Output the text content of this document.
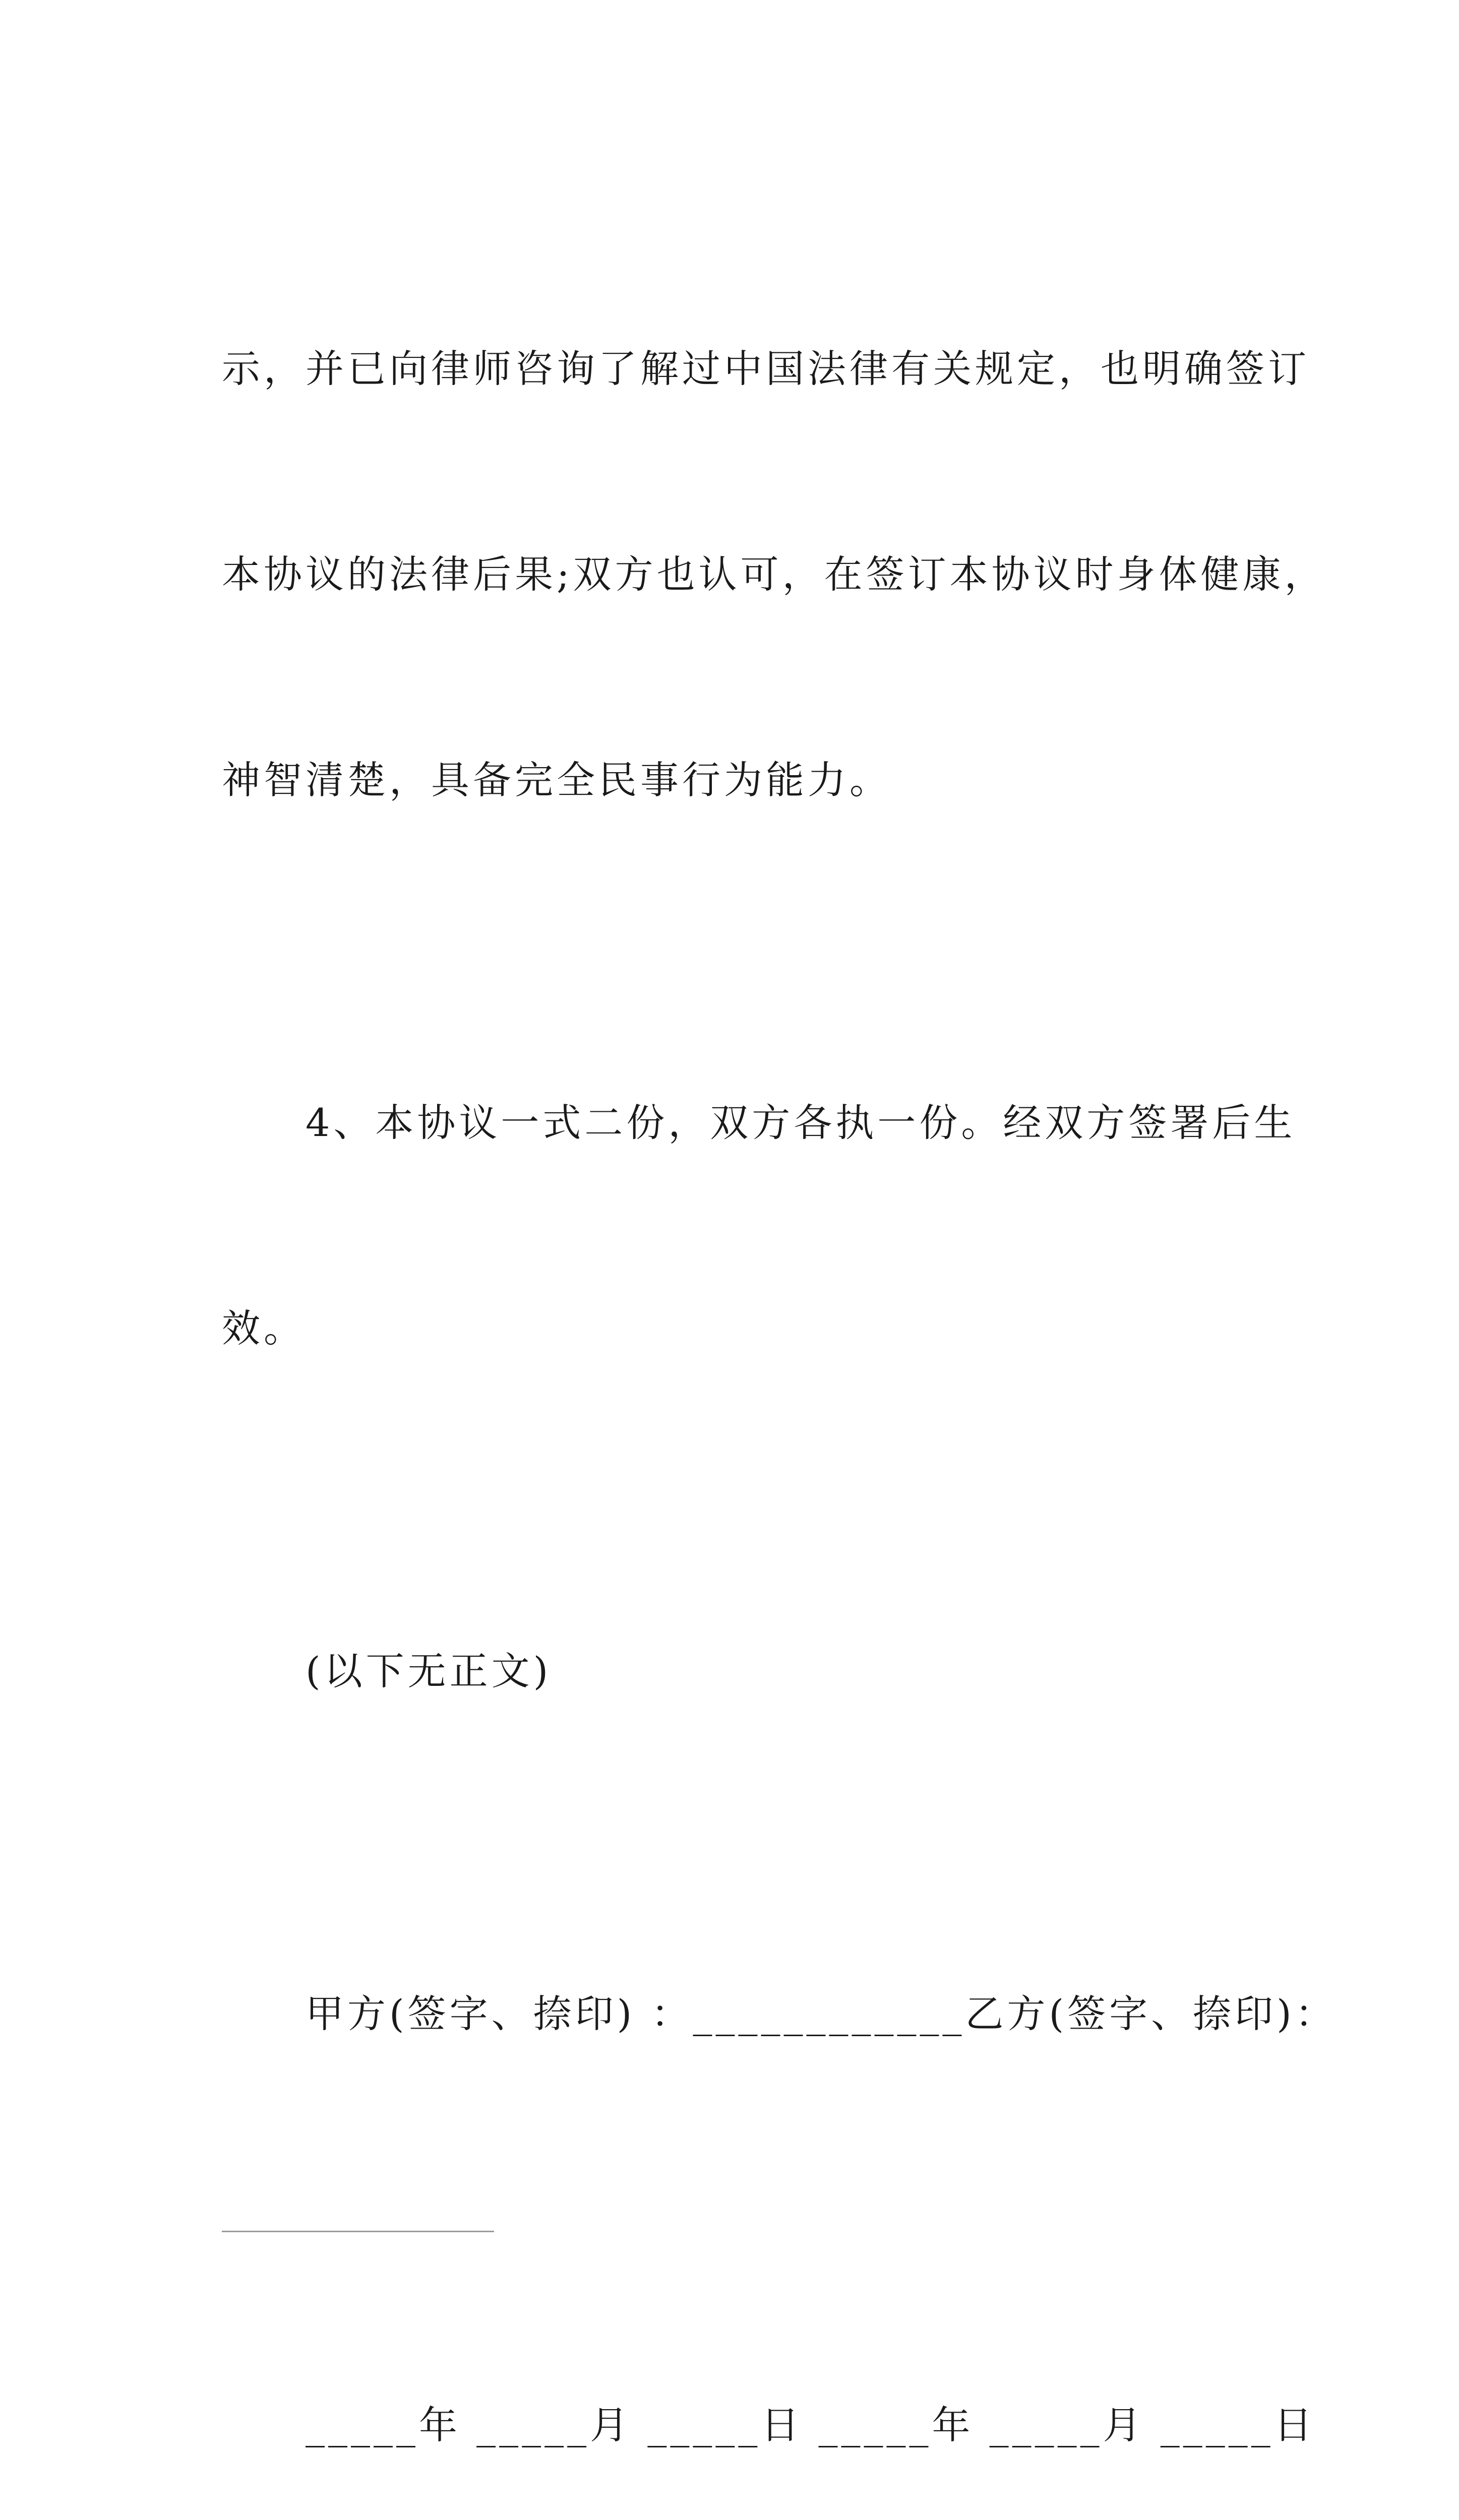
示，并已向律师咨询了解过中国法律有关规定，也明确签订

本协议的法律后果;双方也认可，在签订本协议时身体健康，

神智清楚，具备完全民事行为能力。

4、本协议一式二份，双方各执一份。经双方签署后生

效。

(以下无正文)

甲方(签字、捺印) ：____________乙方(签字、捺印)：

_____年 _____月 _____日 _____年 _____月 _____日
